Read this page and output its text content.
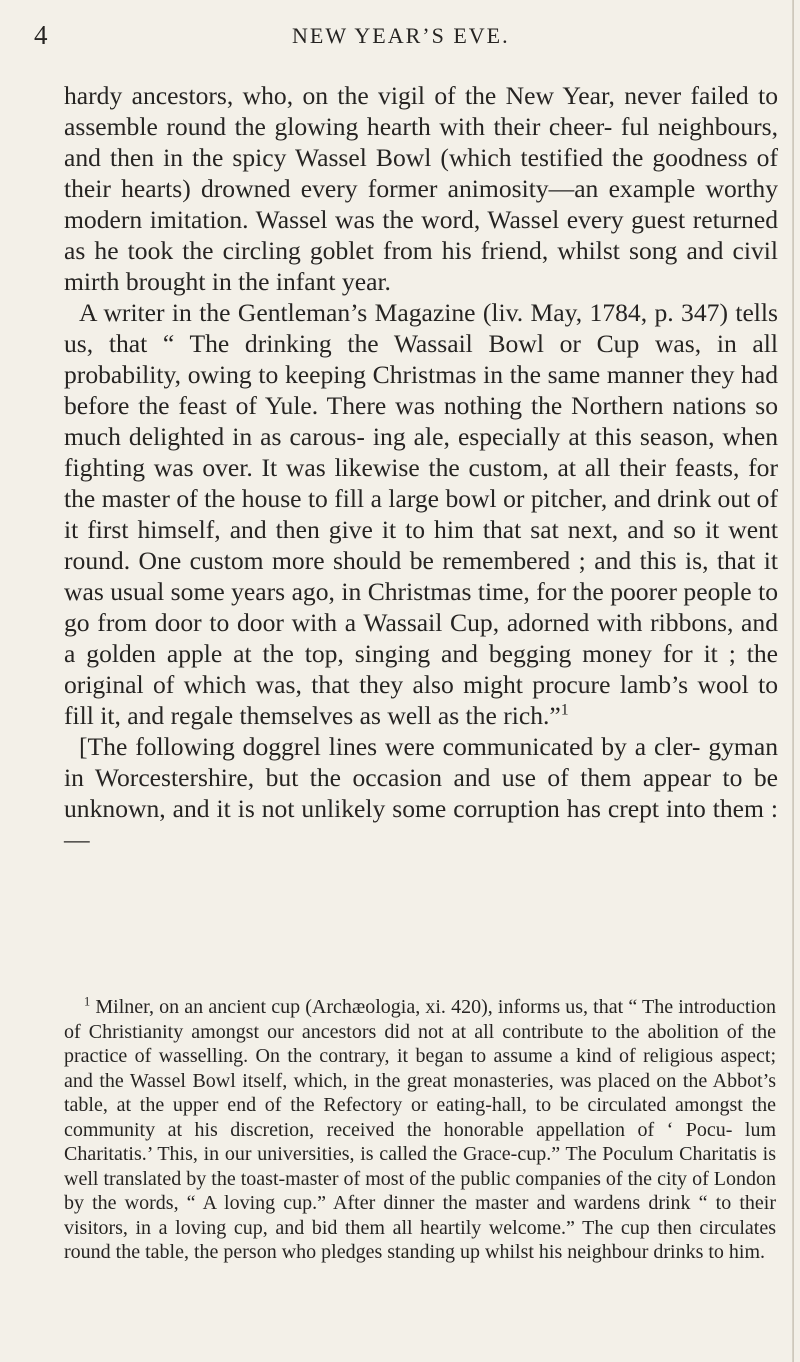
4	NEW YEAR’S EVE.

hardy ancestors, who, on the vigil of the New Year, never failed to assemble round the glowing hearth with their cheer- ful neighbours, and then in the spicy Wassel Bowl (which testified the goodness of their hearts) drowned every former animosity—an example worthy modern imitation. Wassel was the word, Wassel every guest returned as he took the circling goblet from his friend, whilst song and civil mirth brought in the infant year.

A writer in the Gentleman’s Magazine (liv. May, 1784, p. 347) tells us, that “ The drinking the Wassail Bowl or Cup was, in all probability, owing to keeping Christmas in the same manner they had before the feast of Yule. There was nothing the Northern nations so much delighted in as carous- ing ale, especially at this season, when fighting was over. It was likewise the custom, at all their feasts, for the master of the house to fill a large bowl or pitcher, and drink out of it first himself, and then give it to him that sat next, and so it went round. One custom more should be remembered ; and this is, that it was usual some years ago, in Christmas time, for the poorer people to go from door to door with a Wassail Cup, adorned with ribbons, and a golden apple at the top, singing and begging money for it ; the original of which was, that they also might procure lamb’s wool to fill it, and regale themselves as well as the rich.”$^1$

[The following doggrel lines were communicated by a cler- gyman in Worcestershire, but the occasion and use of them appear to be unknown, and it is not unlikely some corruption has crept into them : —

$^1$ Milner, on an ancient cup (Archæologia, xi. 420), informs us, that “ The introduction of Christianity amongst our ancestors did not at all contribute to the abolition of the practice of wasselling. On the contrary, it began to assume a kind of religious aspect; and the Wassel Bowl itself, which, in the great monasteries, was placed on the Abbot’s table, at the upper end of the Refectory or eating-hall, to be circulated amongst the community at his discretion, received the honorable appellation of ‘ Pocu- lum Charitatis.’ This, in our universities, is called the Grace-cup.” The Poculum Charitatis is well translated by the toast-master of most of the public companies of the city of London by the words, “ A loving cup.” After dinner the master and wardens drink “ to their visitors, in a loving cup, and bid them all heartily welcome.” The cup then circulates round the table, the person who pledges standing up whilst his neighbour drinks to him.
